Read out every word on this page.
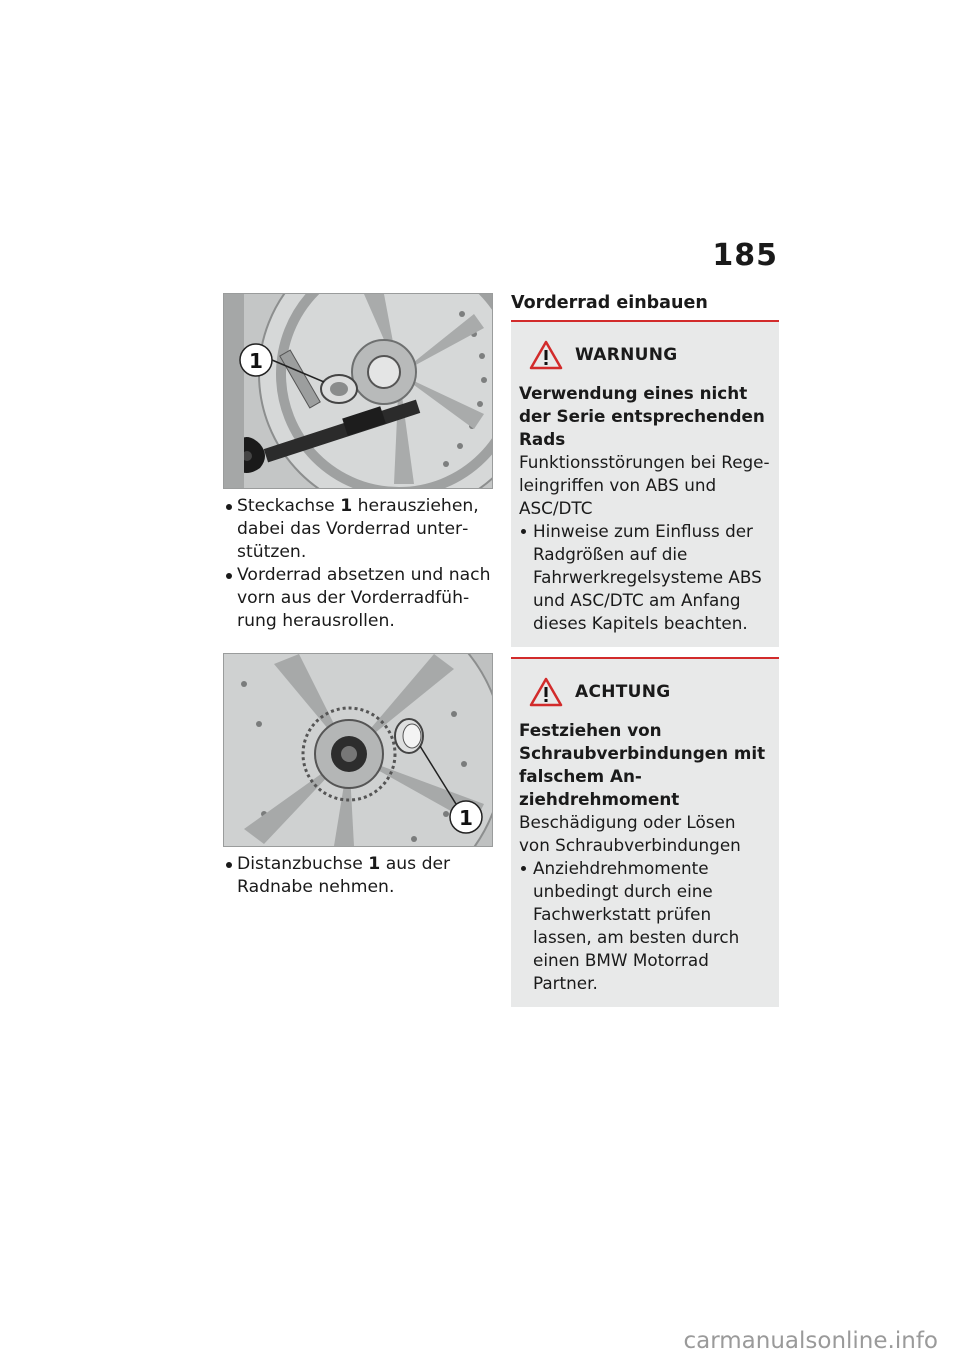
185
1
Steckachse 1 herausziehen, dabei das Vorderrad unterstützen.
Vorderrad absetzen und nach vorn aus der Vorderradführung herausrollen.
1
Distanzbuchse 1 aus der Radnabe nehmen.
Vorderrad einbauen
WARNUNG
Verwendung eines nicht der Serie entsprechenden Rads
Funktionsstörungen bei Regeleingriffen von ABS und ASC/DTC
Hinweise zum Einfluss der Radgrößen auf die Fahrwerkregelsysteme ABS und ASC/DTC am Anfang dieses Kapitels beachten.
ACHTUNG
Festziehen von Schraubverbindungen mit falschem Anziehdrehmoment
Beschädigung oder Lösen von Schraubverbindungen
Anziehdrehmomente unbedingt durch eine Fachwerkstatt prüfen lassen, am besten durch einen BMW Motorrad Partner.
carmanualsonline.info
